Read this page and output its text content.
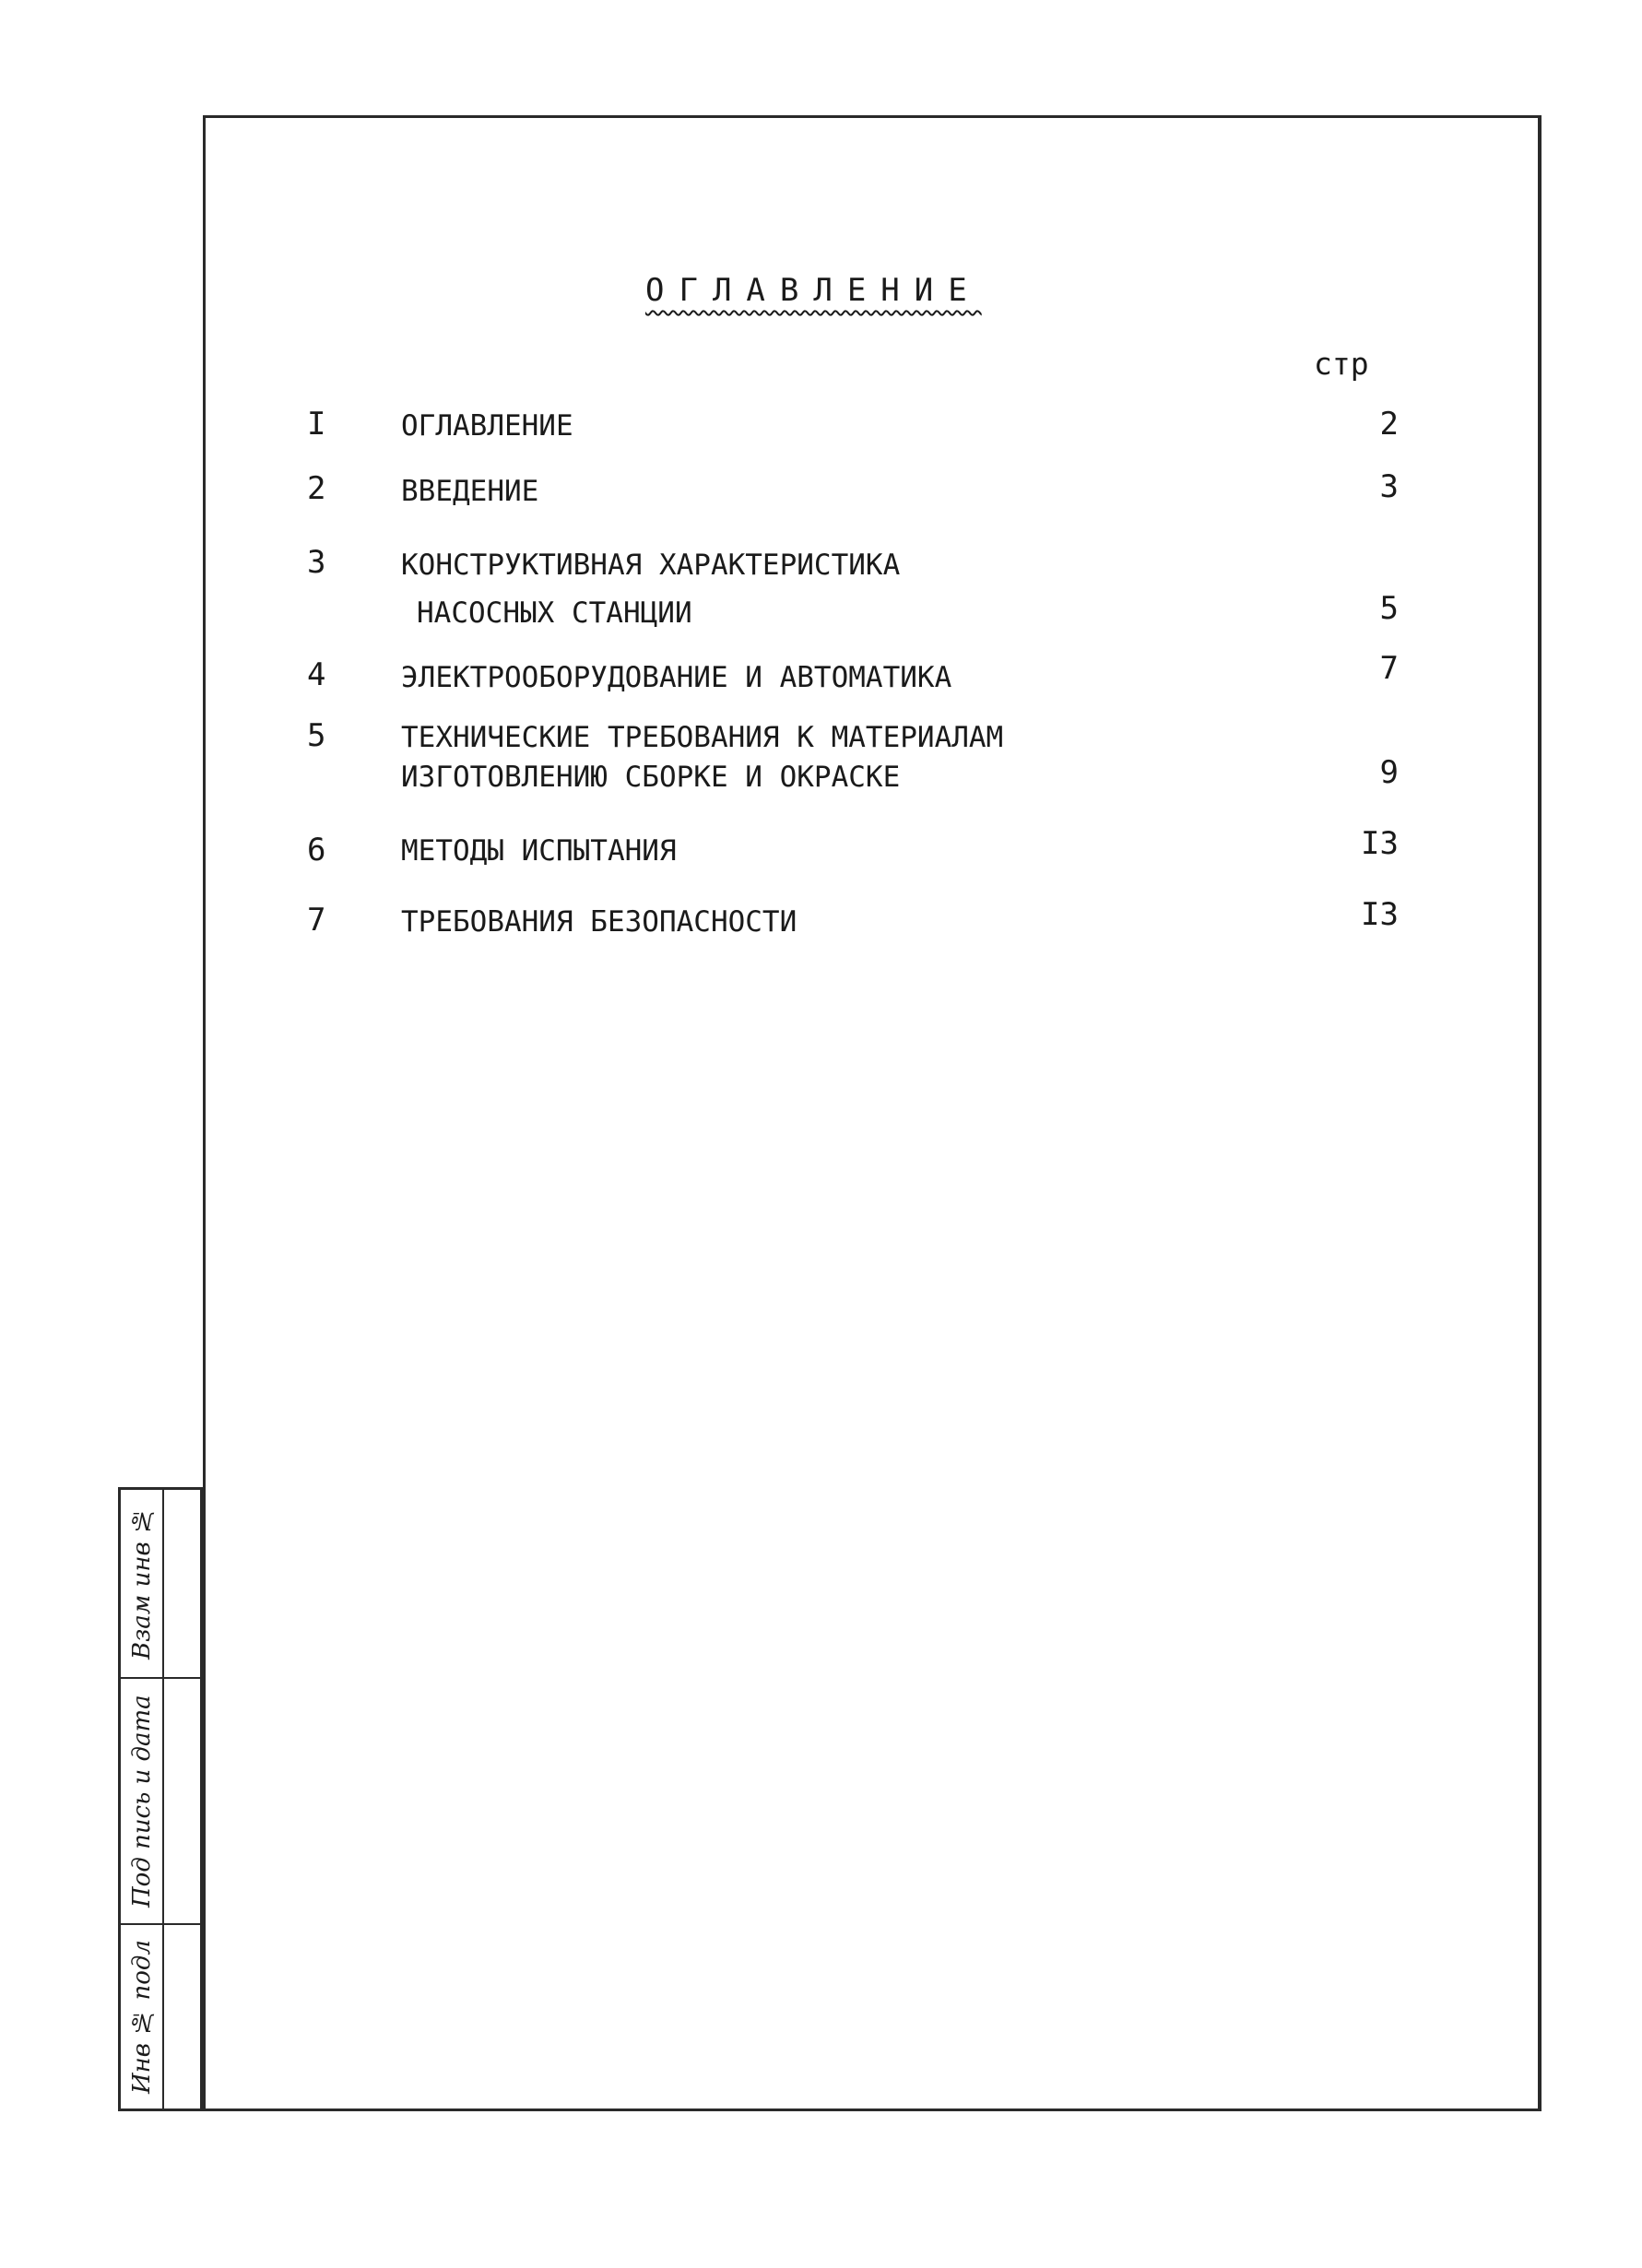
ОГЛАВЛЕНИЕ
стр
I	ОГЛАВЛЕНИЕ	2
2	ВВЕДЕНИЕ	3
3	КОНСТРУКТИВНАЯ ХАРАКТЕРИСТИКА
НАСОСНЫХ СТАНЦИИ	5
4	ЭЛЕКТРООБОРУДОВАНИЕ И АВТОМАТИКА	7
5	ТЕХНИЧЕСКИЕ ТРЕБОВАНИЯ К МАТЕРИАЛАМ
ИЗГОТОВЛЕНИЮ СБОРКЕ И ОКРАСКЕ	9
6	МЕТОДЫ ИСПЫТАНИЯ	I3
7	ТРЕБОВАНИЯ БЕЗОПАСНОСТИ	I3
Взам инв №
Под пись и дата
Инв № подл
